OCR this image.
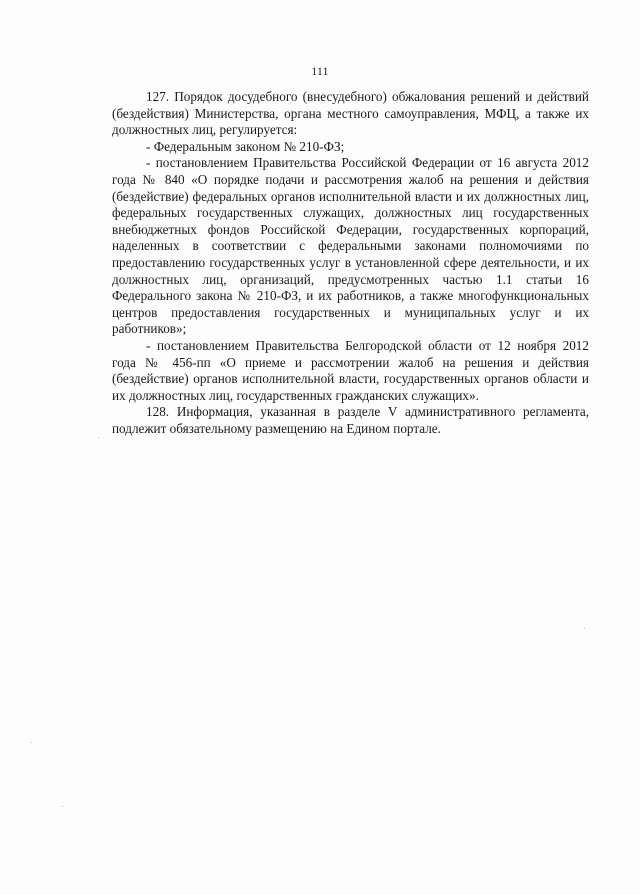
111

127. Порядок досудебного (внесудебного) обжалования решений и действий (бездействия) Министерства, органа местного самоуправления, МФЦ, а также их должностных лиц, регулируется:

- Федеральным законом № 210-ФЗ;

- постановлением Правительства Российской Федерации от 16 августа 2012 года № 840 «О порядке подачи и рассмотрения жалоб на решения и действия (бездействие) федеральных органов исполнительной власти и их должностных лиц, федеральных государственных служащих, должностных лиц государственных внебюджетных фондов Российской Федерации, государственных корпораций, наделенных в соответствии с федеральными законами полномочиями по предоставлению государственных услуг в установленной сфере деятельности, и их должностных лиц, организаций, предусмотренных частью 1.1 статьи 16 Федерального закона № 210-ФЗ, и их работников, а также многофункциональных центров предоставления государственных и муниципальных услуг и их работников»;

- постановлением Правительства Белгородской области от 12 ноября 2012 года № 456-пп «О приеме и рассмотрении жалоб на решения и действия (бездействие) органов исполнительной власти, государственных органов области и их должностных лиц, государственных гражданских служащих».

128. Информация, указанная в разделе V административного регламента, подлежит обязательному размещению на Едином портале.
